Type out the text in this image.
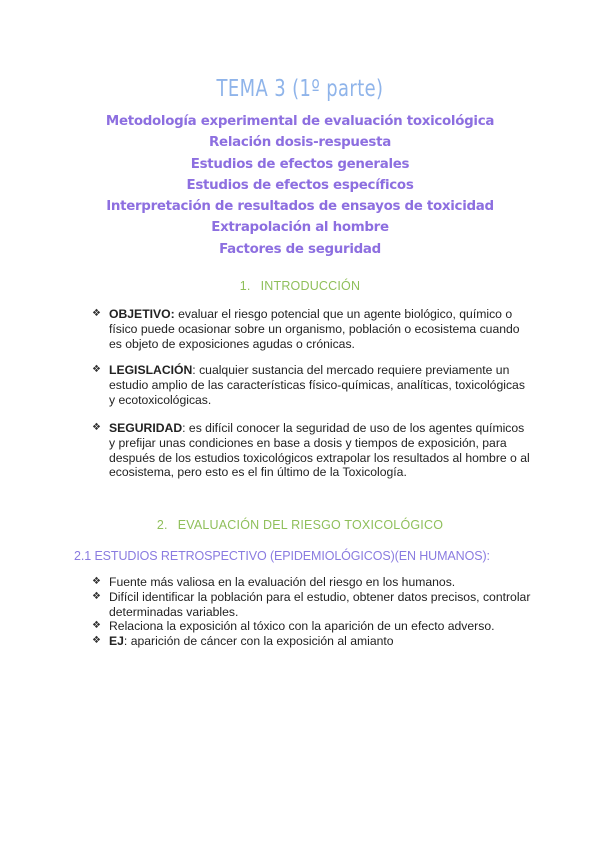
TEMA 3 (1º parte)
Metodología experimental de evaluación toxicológica
Relación dosis-respuesta
Estudios de efectos generales
Estudios de efectos específicos
Interpretación de resultados de ensayos de toxicidad
Extrapolación al hombre
Factores de seguridad
1. INTRODUCCIÓN
❖ OBJETIVO: evaluar el riesgo potencial que un agente biológico, químico o físico puede ocasionar sobre un organismo, población o ecosistema cuando es objeto de exposiciones agudas o crónicas.
❖ LEGISLACIÓN: cualquier sustancia del mercado requiere previamente un estudio amplio de las características físico-químicas, analíticas, toxicológicas y ecotoxicológicas.
❖ SEGURIDAD: es difícil conocer la seguridad de uso de los agentes químicos y prefijar unas condiciones en base a dosis y tiempos de exposición, para después de los estudios toxicológicos extrapolar los resultados al hombre o al ecosistema, pero esto es el fin último de la Toxicología.
2. EVALUACIÓN DEL RIESGO TOXICOLÓGICO
2.1 ESTUDIOS RETROSPECTIVO (EPIDEMIOLÓGICOS)(EN HUMANOS):
❖ Fuente más valiosa en la evaluación del riesgo en los humanos.
❖ Difícil identificar la población para el estudio, obtener datos precisos, controlar determinadas variables.
❖ Relaciona la exposición al tóxico con la aparición de un efecto adverso.
❖ EJ: aparición de cáncer con la exposición al amianto
